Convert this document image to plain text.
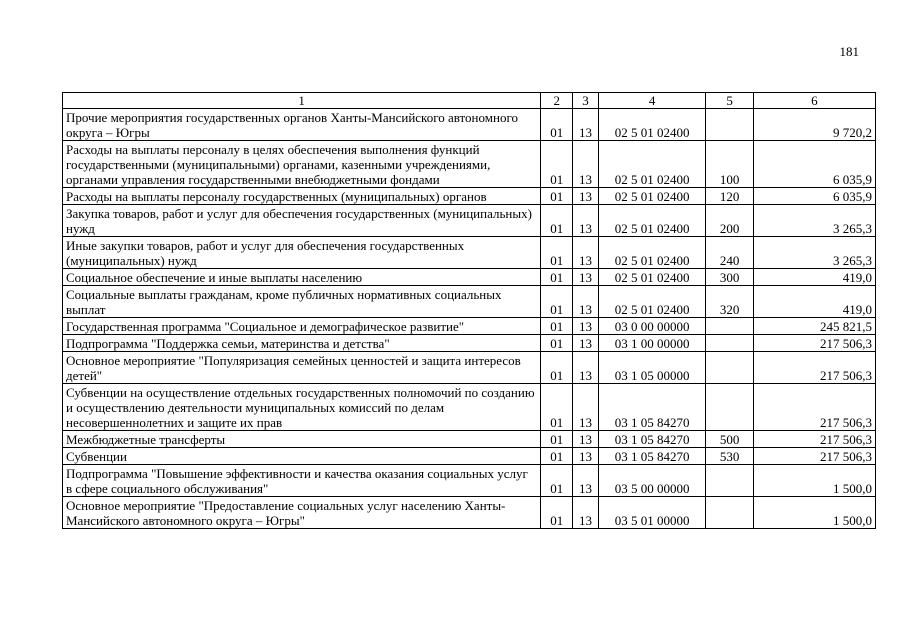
181
1	2	3	4	5	6
Прочие мероприятия государственных органов Ханты-Мансийского автономного округа – Югры	01	13	02 5 01 02400		9 720,2
Расходы на выплаты персоналу в целях обеспечения выполнения функций государственными (муниципальными) органами, казенными учреждениями, органами управления государственными внебюджетными фондами	01	13	02 5 01 02400	100	6 035,9
Расходы на выплаты персоналу государственных (муниципальных) органов	01	13	02 5 01 02400	120	6 035,9
Закупка товаров, работ и услуг для обеспечения государственных (муниципальных) нужд	01	13	02 5 01 02400	200	3 265,3
Иные закупки товаров, работ и услуг для обеспечения государственных (муниципальных) нужд	01	13	02 5 01 02400	240	3 265,3
Социальное обеспечение и иные выплаты населению	01	13	02 5 01 02400	300	419,0
Социальные выплаты гражданам, кроме публичных нормативных социальных выплат	01	13	02 5 01 02400	320	419,0
Государственная программа "Социальное и демографическое развитие"	01	13	03 0 00 00000		245 821,5
Подпрограмма "Поддержка семьи, материнства и детства"	01	13	03 1 00 00000		217 506,3
Основное мероприятие "Популяризация семейных ценностей и защита интересов детей"	01	13	03 1 05 00000		217 506,3
Субвенции на осуществление отдельных государственных полномочий по созданию и осуществлению деятельности муниципальных комиссий по делам несовершеннолетних и защите их прав	01	13	03 1 05 84270		217 506,3
Межбюджетные трансферты	01	13	03 1 05 84270	500	217 506,3
Субвенции	01	13	03 1 05 84270	530	217 506,3
Подпрограмма "Повышение эффективности и качества оказания социальных услуг в сфере социального обслуживания"	01	13	03 5 00 00000		1 500,0
Основное мероприятие "Предоставление социальных услуг населению Ханты-Мансийского автономного округа – Югры"	01	13	03 5 01 00000		1 500,0
